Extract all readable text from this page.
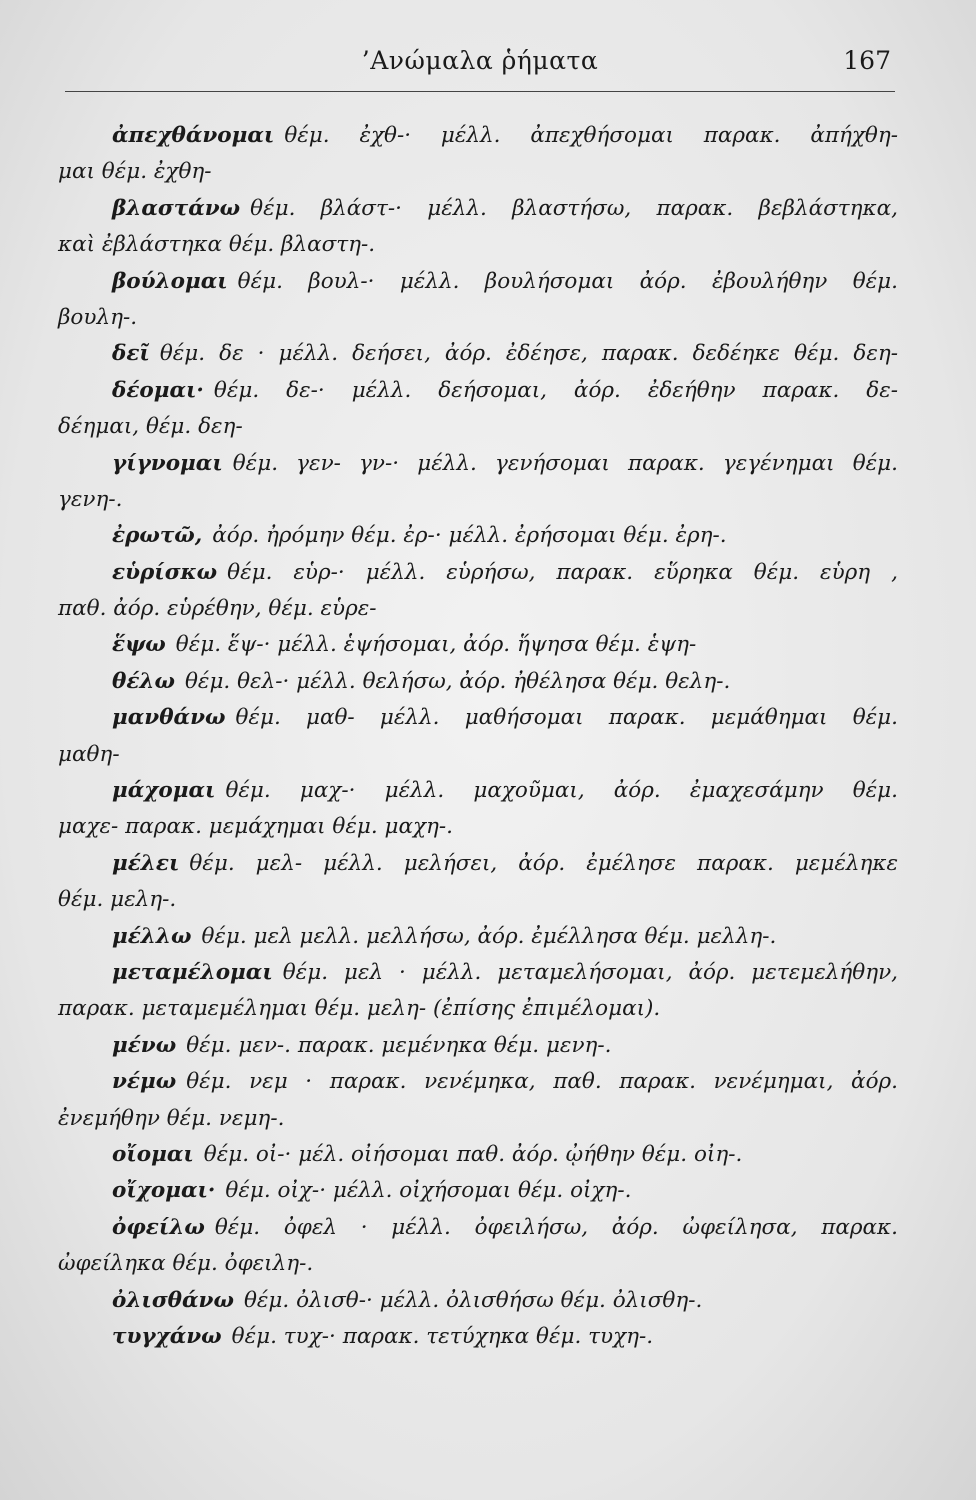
’Ανώμαλα ῥήματα	167
ἀπεχθάνομαι θέμ. ἐχθ-· μέλλ. ἀπεχθήσομαι παρακ. ἀπήχθη-
μαι θέμ. ἐχθη-
βλαστάνω θέμ. βλάστ-· μέλλ. βλαστήσω, παρακ. βεβλάστηκα,
καὶ ἐβλάστηκα θέμ. βλαστη-.
βούλομαι θέμ. βουλ-· μέλλ. βουλήσομαι ἀόρ. ἐβουλήθην θέμ.
βουλη-.
δεῖ θέμ. δε · μέλλ. δεήσει, ἀόρ. ἐδέησε, παρακ. δεδέηκε θέμ. δεη-
δέομαι· θέμ. δε-· μέλλ. δεήσομαι, ἀόρ. ἐδεήθην παρακ. δε-
δέημαι, θέμ. δεη-
γίγνομαι θέμ. γεν- γν-· μέλλ. γενήσομαι παρακ. γεγένημαι θέμ.
γενη-.
ἐρωτῶ, ἀόρ. ἠρόμην θέμ. ἐρ-· μέλλ. ἐρήσομαι θέμ. ἐρη-.
εὑρίσκω θέμ. εὑρ-· μέλλ. εὑρήσω, παρακ. εὕρηκα θέμ. εὑρη ,
παθ. ἀόρ. εὑρέθην, θέμ. εὑρε-
ἕψω θέμ. ἕψ-· μέλλ. ἑψήσομαι, ἀόρ. ἥψησα θέμ. ἑψη-
θέλω θέμ. θελ-· μέλλ. θελήσω, ἀόρ. ἠθέλησα θέμ. θελη-.
μανθάνω θέμ. μαθ- μέλλ. μαθήσομαι παρακ. μεμάθημαι θέμ.
μαθη-
μάχομαι θέμ. μαχ-· μέλλ. μαχοῦμαι, ἀόρ. ἐμαχεσάμην θέμ.
μαχε- παρακ. μεμάχημαι θέμ. μαχη-.
μέλει θέμ. μελ- μέλλ. μελήσει, ἀόρ. ἐμέλησε παρακ. μεμέληκε
θέμ. μελη-.
μέλλω θέμ. μελ μελλ. μελλήσω, ἀόρ. ἐμέλλησα θέμ. μελλη-.
μεταμέλομαι θέμ. μελ · μέλλ. μεταμελήσομαι, ἀόρ. μετεμελήθην,
παρακ. μεταμεμέλημαι θέμ. μελη- (ἐπίσης ἐπιμέλομαι).
μένω θέμ. μεν-. παρακ. μεμένηκα θέμ. μενη-.
νέμω θέμ. νεμ · παρακ. νενέμηκα, παθ. παρακ. νενέμημαι, ἀόρ.
ἐνεμήθην θέμ. νεμη-.
οἴομαι θέμ. οἰ-· μέλ. οἰήσομαι παθ. ἀόρ. ᾠήθην θέμ. οἰη-.
οἴχομαι· θέμ. οἰχ-· μέλλ. οἰχήσομαι θέμ. οἰχη-.
ὀφείλω θέμ. ὀφελ · μέλλ. ὀφειλήσω, ἀόρ. ὠφείλησα, παρακ.
ὠφείληκα θέμ. ὀφειλη-.
ὀλισθάνω θέμ. ὀλισθ-· μέλλ. ὀλισθήσω θέμ. ὀλισθη-.
τυγχάνω θέμ. τυχ-· παρακ. τετύχηκα θέμ. τυχη-.
